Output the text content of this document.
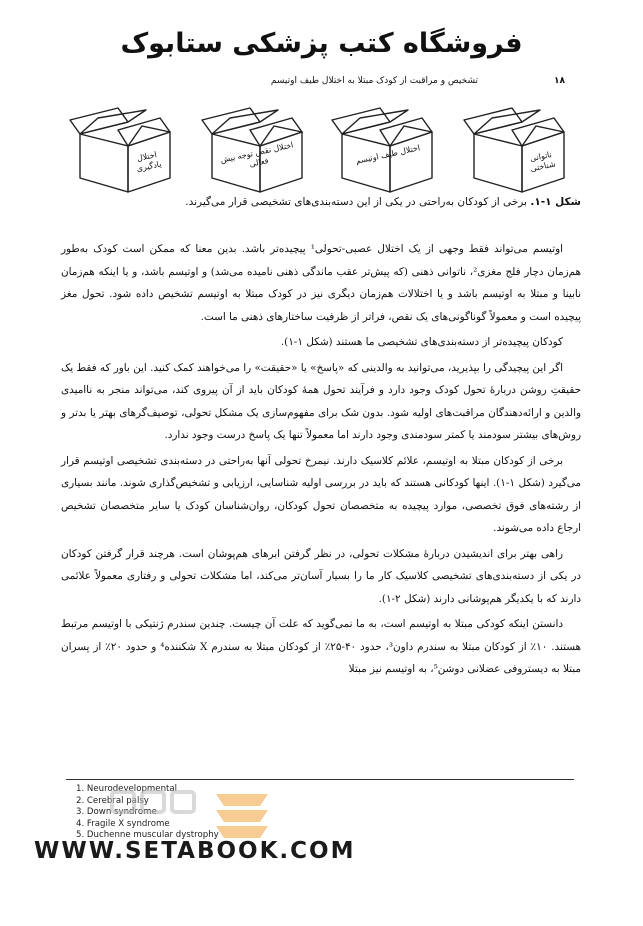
فروشگاه کتب پزشکی ستابوک
۱۸
تشخیص و مراقبت از کودک مبتلا به اختلال طیف اوتیسم
اختلال یادگیری
اختلال نقص توجه بیش فعالی	اختلال طیف اوتیسم	ناتوانی شناختی
شکل ۱-۱. برخی از کودکان به‌راحتی در یکی از این دسته‌بندی‌های تشخیصی قرار می‌گیرند.

اوتیسم می‌تواند فقط وجهی از یک اختلال عصبی-تحولی¹ پیچیده‌تر باشد. بدین معنا که ممکن است کودک به‌طور هم‌زمان دچار فلج مغزی²، ناتوانی ذهنی (که پیش‌تر عقب ماندگی ذهنی نامیده می‌شد) و اوتیسم باشد، و یا اینکه هم‌زمان نابینا و مبتلا به اوتیسم باشد و یا اختلالات هم‌زمان دیگری نیز در کودک مبتلا به اوتیسم تشخیص داده شود. تحول مغز پیچیده است و معمولاً گوناگونی‌های یک نقص، فراتر از ظرفیت ساختارهای ذهنی ما است.

کودکان پیچیده‌تر از دسته‌بندی‌های تشخیصی ما هستند (شکل ۱-۱).

اگر این پیچیدگی را بپذیرید، می‌توانید به والدینی که «پاسخ» یا «حقیقت» را می‌خواهند کمک کنید. این باور که فقط یک حقیقتِ روشن دربارهٔ تحول کودک وجود دارد و فرآیند تحول همهٔ کودکان باید از آن پیروی کند، می‌تواند منجر به ناامیدی والدین و ارائه‌دهندگان مراقبت‌های اولیه شود. بدون شک برای مفهوم‌سازی یک مشکل تحولی، توصیف‌گرهای بهتر یا بدتر و روش‌های بیشتر سودمند یا کمتر سودمندی وجود دارند اما معمولاً تنها یک پاسخ درست وجود ندارد.

برخی از کودکان مبتلا به اوتیسم، علائم کلاسیک دارند. نیمرخ تحولی آنها به‌راحتی در دسته‌بندی تشخیصی اوتیسم قرار می‌گیرد (شکل ۱-۱). اینها کودکانی هستند که باید در بررسی اولیه شناسایی، ارزیابی و تشخیص‌گذاری شوند. مانند بسیاری از رشته‌های فوق تخصصی، موارد پیچیده به متخصصان تحول کودکان، روان‌شناسان کودک یا سایر متخصصان تشخیص ارجاع داده می‌شوند.

راهی بهتر برای اندیشیدن دربارهٔ مشکلات تحولی، در نظر گرفتن ابرهای هم‌پوشان است. هرچند قرار گرفتن کودکان در یکی از دسته‌بندی‌های تشخیصی کلاسیک کار ما را بسیار آسان‌تر می‌کند، اما مشکلات تحولی و رفتاری معمولاً علائمی دارند که با یکدیگر هم‌پوشانی دارند (شکل ۲-۱).

دانستن اینکه کودکی مبتلا به اوتیسم است، به ما نمی‌گوید که علت آن چیست. چندین سندرم ژنتیکی با اوتیسم مرتبط هستند. ۱۰٪ از کودکان مبتلا به سندرم داون³، حدود ۴۰-۲۵٪ از کودکان مبتلا به سندرم X شکننده⁴ و حدود ۲۰٪ از پسران مبتلا به دیستروفی عضلانی دوشن⁵، به اوتیسم نیز مبتلا

1. Neurodevelopmental
2. Cerebral palsy
3. Down syndrome
4. Fragile X syndrome
5. Duchenne muscular dystrophy
WWW.SETABOOK.COM
